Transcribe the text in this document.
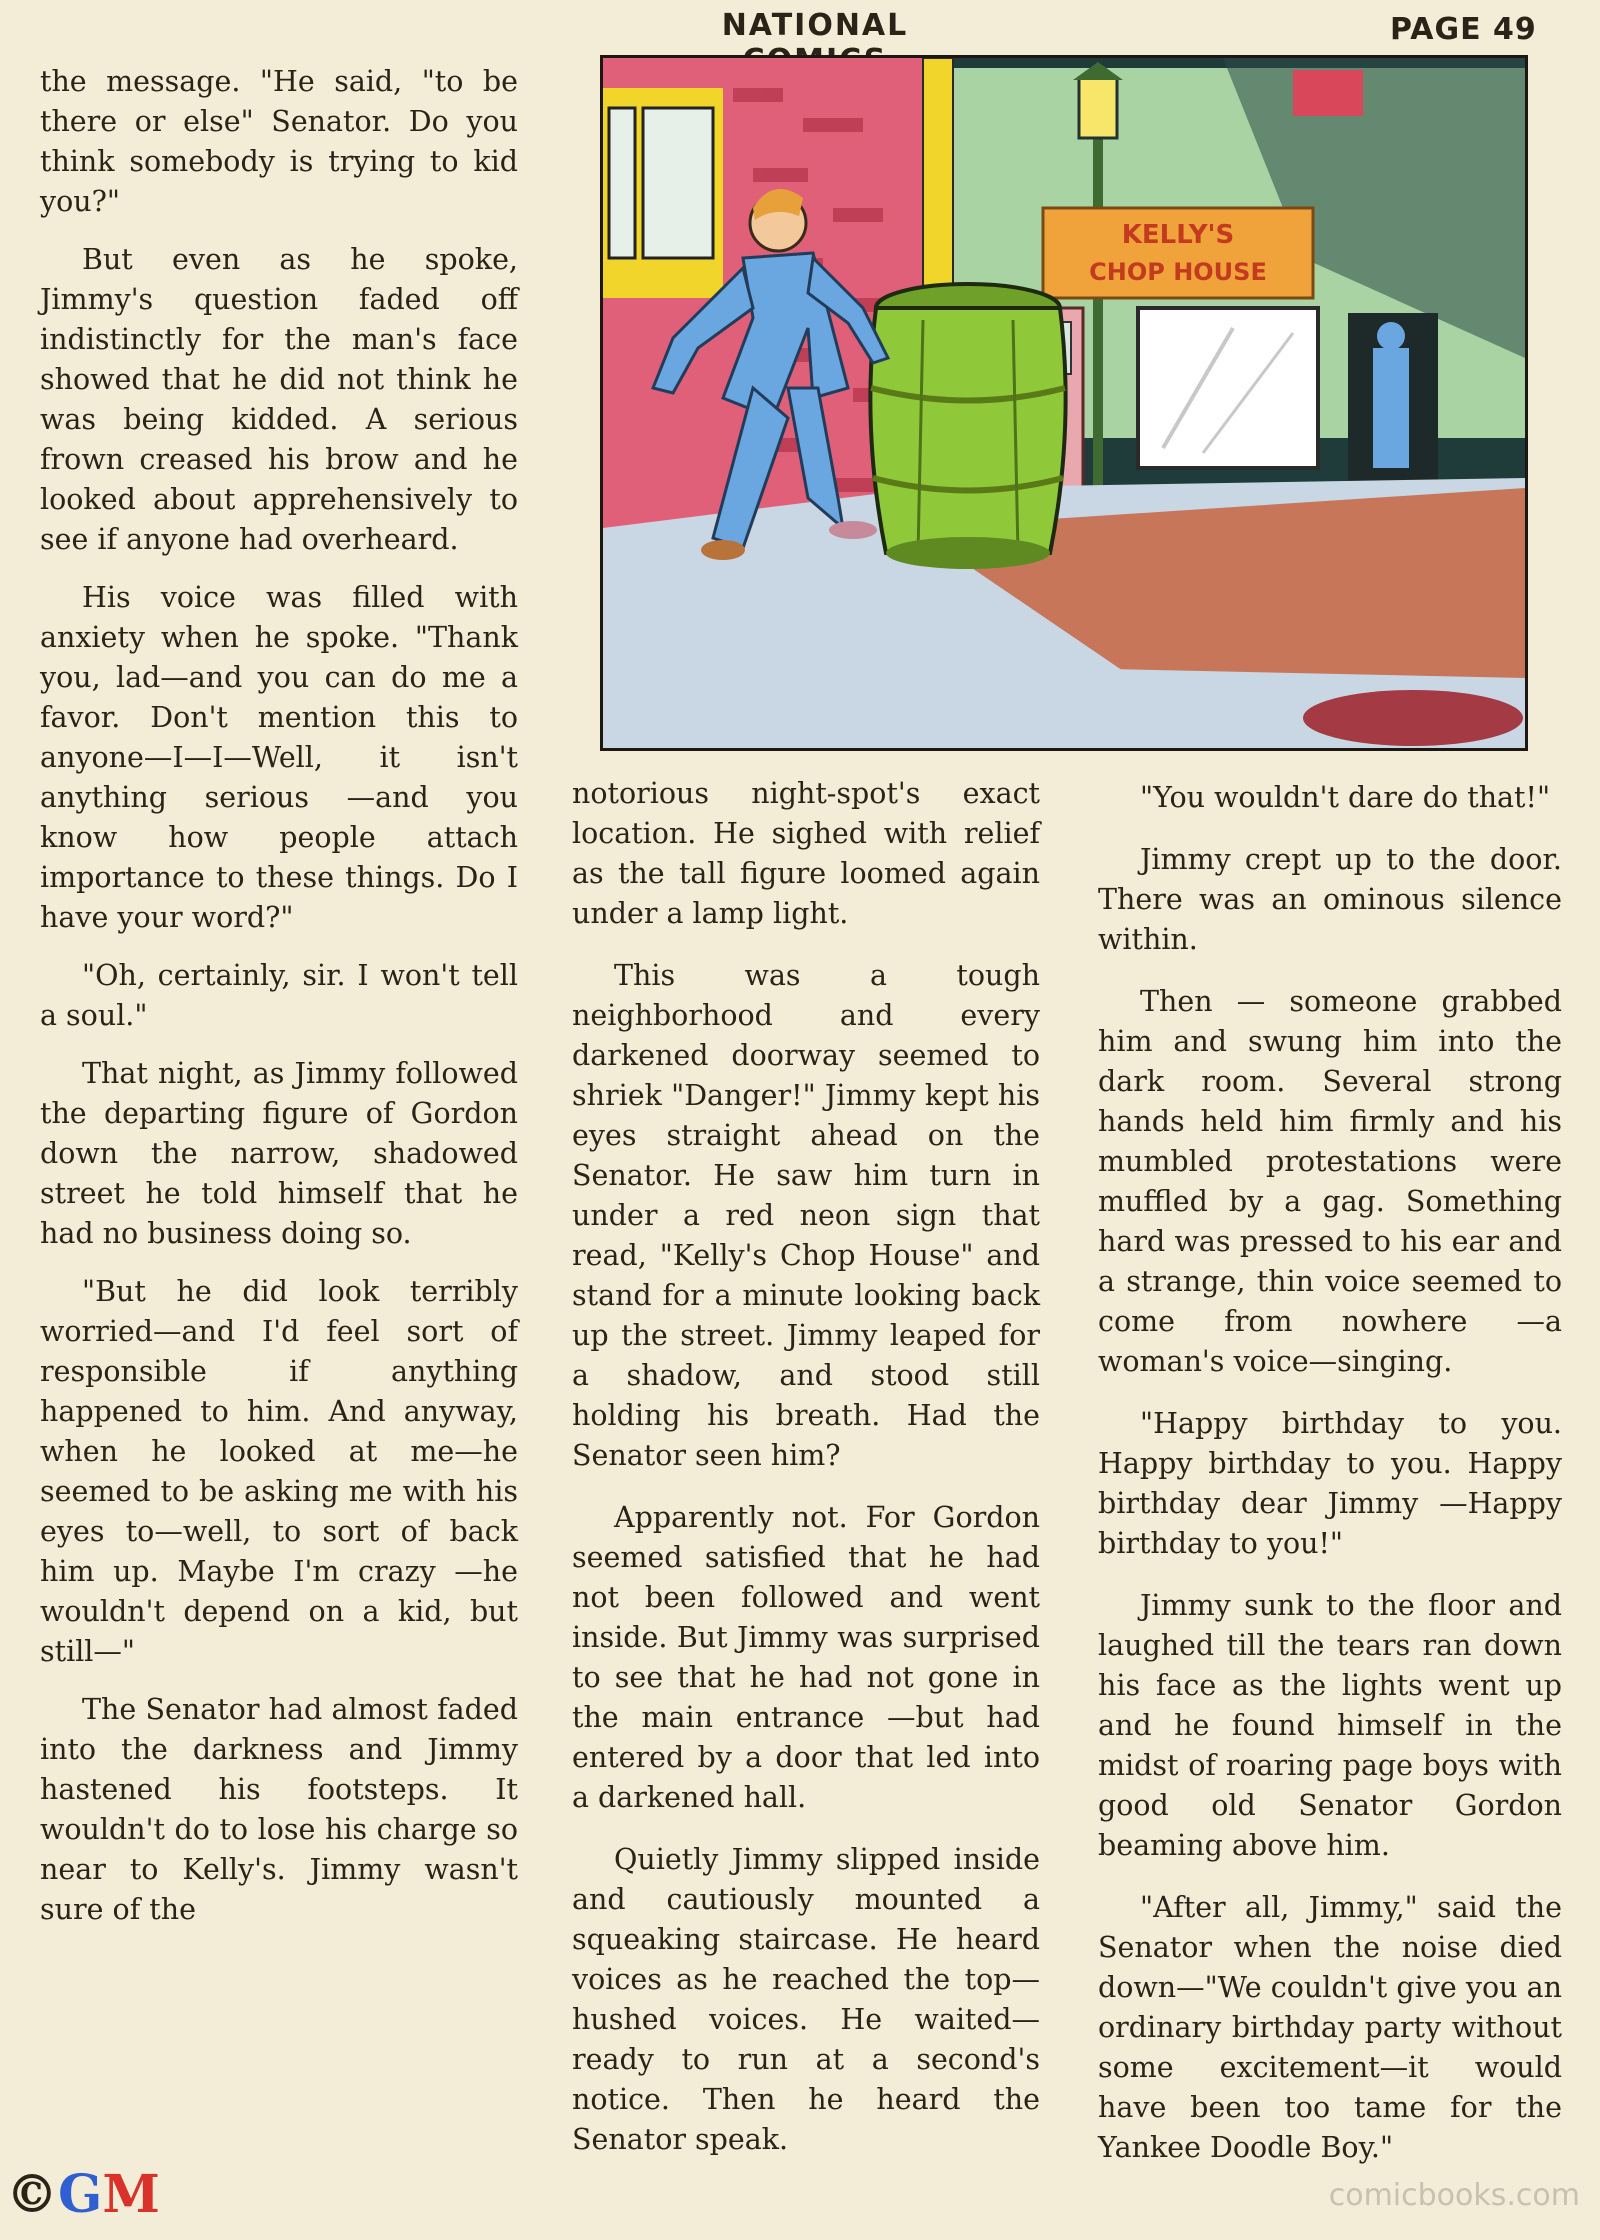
NATIONAL	PAGE 49

the message. "He said, "to be there or else" Senator. Do you think somebody is trying to kid you?"

But even as he spoke, Jimmy's question faded off indistinctly for the man's face showed that he did not think he was being kidded. A serious frown creased his brow and he looked about apprehensively to see if anyone had overheard.

His voice was filled with anxiety when he spoke. "Thank you, lad—and you can do me a favor. Don't mention this to anyone—I—I—Well, it isn't anything serious —and you know how people attach importance to these things. Do I have your word?"

"Oh, certainly, sir. I won't tell a soul."

That night, as Jimmy followed the departing figure of Gordon down the narrow, shadowed street he told himself that he had no business doing so.

"But he did look terribly worried—and I'd feel sort of responsible if anything happened to him. And anyway, when he looked at me—he seemed to be asking me with his eyes to—well, to sort of back him up. Maybe I'm crazy —he wouldn't depend on a kid, but still—"

The Senator had almost faded into the darkness and Jimmy hastened his footsteps. It wouldn't do to lose his charge so near to Kelly's. Jimmy wasn't sure of the

KELLY'S
CHOP HOUSE

notorious night-spot's exact location. He sighed with relief as the tall figure loomed again under a lamp light.

This was a tough neighborhood and every darkened doorway seemed to shriek "Danger!" Jimmy kept his eyes straight ahead on the Senator. He saw him turn in under a red neon sign that read, "Kelly's Chop House" and stand for a minute looking back up the street. Jimmy leaped for a shadow, and stood still holding his breath. Had the Senator seen him?

Apparently not. For Gordon seemed satisfied that he had not been followed and went inside. But Jimmy was surprised to see that he had not gone in the main entrance —but had entered by a door that led into a darkened hall.

Quietly Jimmy slipped inside and cautiously mounted a squeaking staircase. He heard voices as he reached the top—hushed voices. He waited—ready to run at a second's notice. Then he heard the Senator speak.

"You wouldn't dare do that!"

Jimmy crept up to the door. There was an ominous silence within.

Then — someone grabbed him and swung him into the dark room. Several strong hands held him firmly and his mumbled protestations were muffled by a gag. Something hard was pressed to his ear and a strange, thin voice seemed to come from nowhere —a woman's voice—singing.

"Happy birthday to you. Happy birthday to you. Happy birthday dear Jimmy —Happy birthday to you!"

Jimmy sunk to the floor and laughed till the tears ran down his face as the lights went up and he found himself in the midst of roaring page boys with good old Senator Gordon beaming above him.

"After all, Jimmy," said the Senator when the noise died down—"We couldn't give you an ordinary birthday party without some excitement—it would have been too tame for the Yankee Doodle Boy."

©GM	comicbooks.com
